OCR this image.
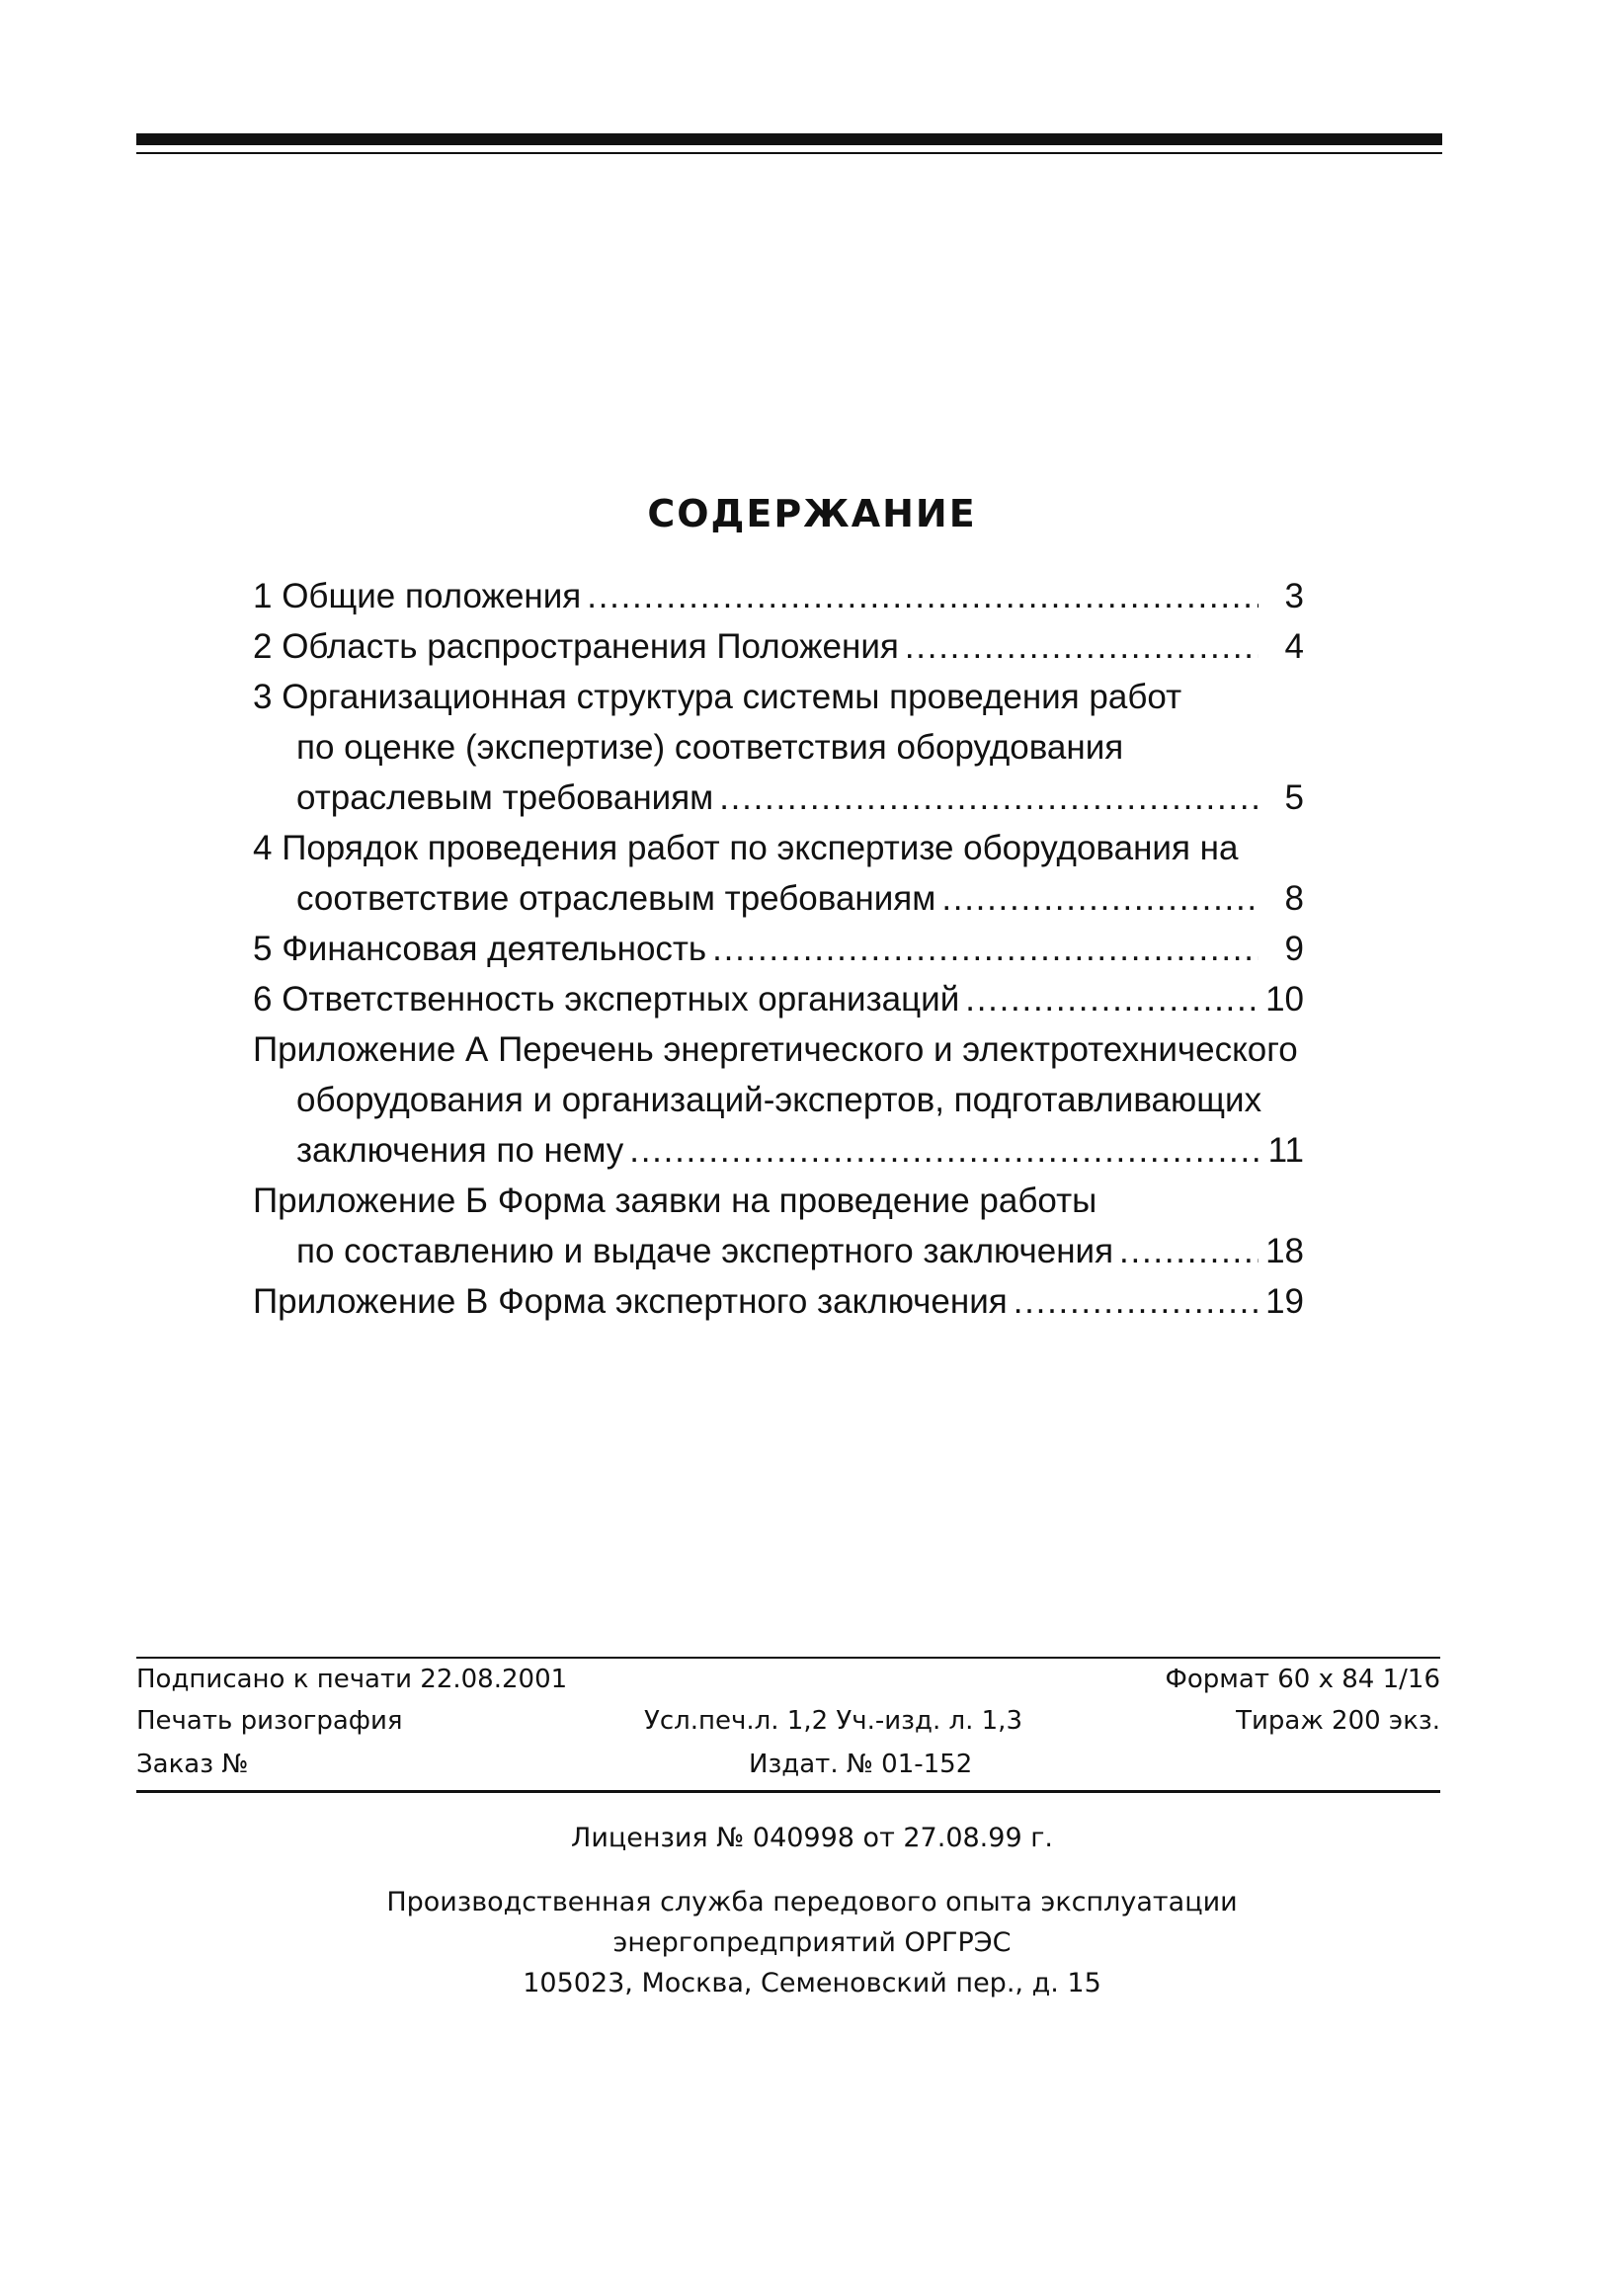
СОДЕРЖАНИЕ
1 Общие положения . . .	3
2 Область распространения Положения . . .	4
3 Организационная структура системы проведения работ
по оценке (экспертизе) соответствия оборудования
отраслевым требованиям . . .	5
4 Порядок проведения работ по экспертизе оборудования на
соответствие отраслевым требованиям . . .	8
5 Финансовая деятельность . . .	9
6 Ответственность экспертных организаций . . .	10
Приложение А Перечень энергетического и электротехнического
оборудования и организаций-экспертов, подготавливающих
заключения по нему . . .	11
Приложение Б Форма заявки на проведение работы
по составлению и выдаче экспертного заключения . . .	18
Приложение В Форма экспертного заключения . . .	19
Подписано к печати 22.08.2001	Формат 60 х 84 1/16
Печать ризография	Усл.печ.л. 1,2 Уч.-изд. л. 1,3	Тираж 200 экз.
Заказ №	Издат. № 01-152
Лицензия № 040998 от 27.08.99 г.
Производственная служба передового опыта эксплуатации
энергопредприятий ОРГРЭС
105023, Москва, Семеновский пер., д. 15
